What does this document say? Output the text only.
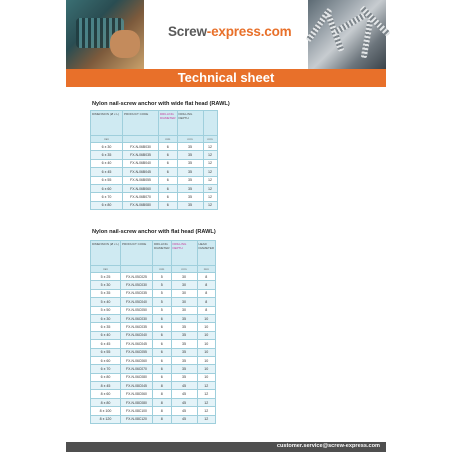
Screw-express.com
Technical sheet
Nylon nail-screw anchor with wide flat head (RAWL)
DIMENSION (Ø x L)	PRODUCT CODE	DRILLING DIAMETER	DRILLING DEPTH	
mm		mm	mm	mm
6 x 30	FX-N-06B030	6	35	12
6 x 35	FX-N-06B035	6	35	12
6 x 40	FX-N-06B040	6	35	12
6 x 45	FX-N-06B045	6	35	12
6 x 55	FX-N-06B055	6	35	12
6 x 60	FX-N-06B060	6	35	12
6 x 70	FX-N-06B070	6	35	12
6 x 80	FX-N-06B080	6	35	12
Nylon nail-screw anchor with flat head (RAWL)
DIMENSION (Ø x L)	PRODUCT CODE	DRILLING DIAMETER	DRILLING DEPTH	HEAD DIAMETER
mm		mm	mm	mm
5 x 25	FX-N-05C025	5	30	8
5 x 30	FX-N-05C030	5	30	8
5 x 35	FX-N-05C035	5	30	8
5 x 40	FX-N-05C040	5	30	8
5 x 50	FX-N-05C050	5	30	8
6 x 30	FX-N-06C030	6	35	10
6 x 35	FX-N-06C035	6	35	10
6 x 40	FX-N-06C040	6	35	10
6 x 45	FX-N-06C045	6	35	10
6 x 55	FX-N-06C055	6	35	10
6 x 60	FX-N-06C060	6	35	10
6 x 70	FX-N-06C070	6	35	10
6 x 80	FX-N-06C080	6	35	10
8 x 45	FX-N-08C045	8	45	12
8 x 60	FX-N-08C060	8	45	12
8 x 80	FX-N-08C080	8	45	12
8 x 100	FX-N-08C100	8	45	12
8 x 120	FX-N-08C120	8	45	12
customer.service@screw-express.com
